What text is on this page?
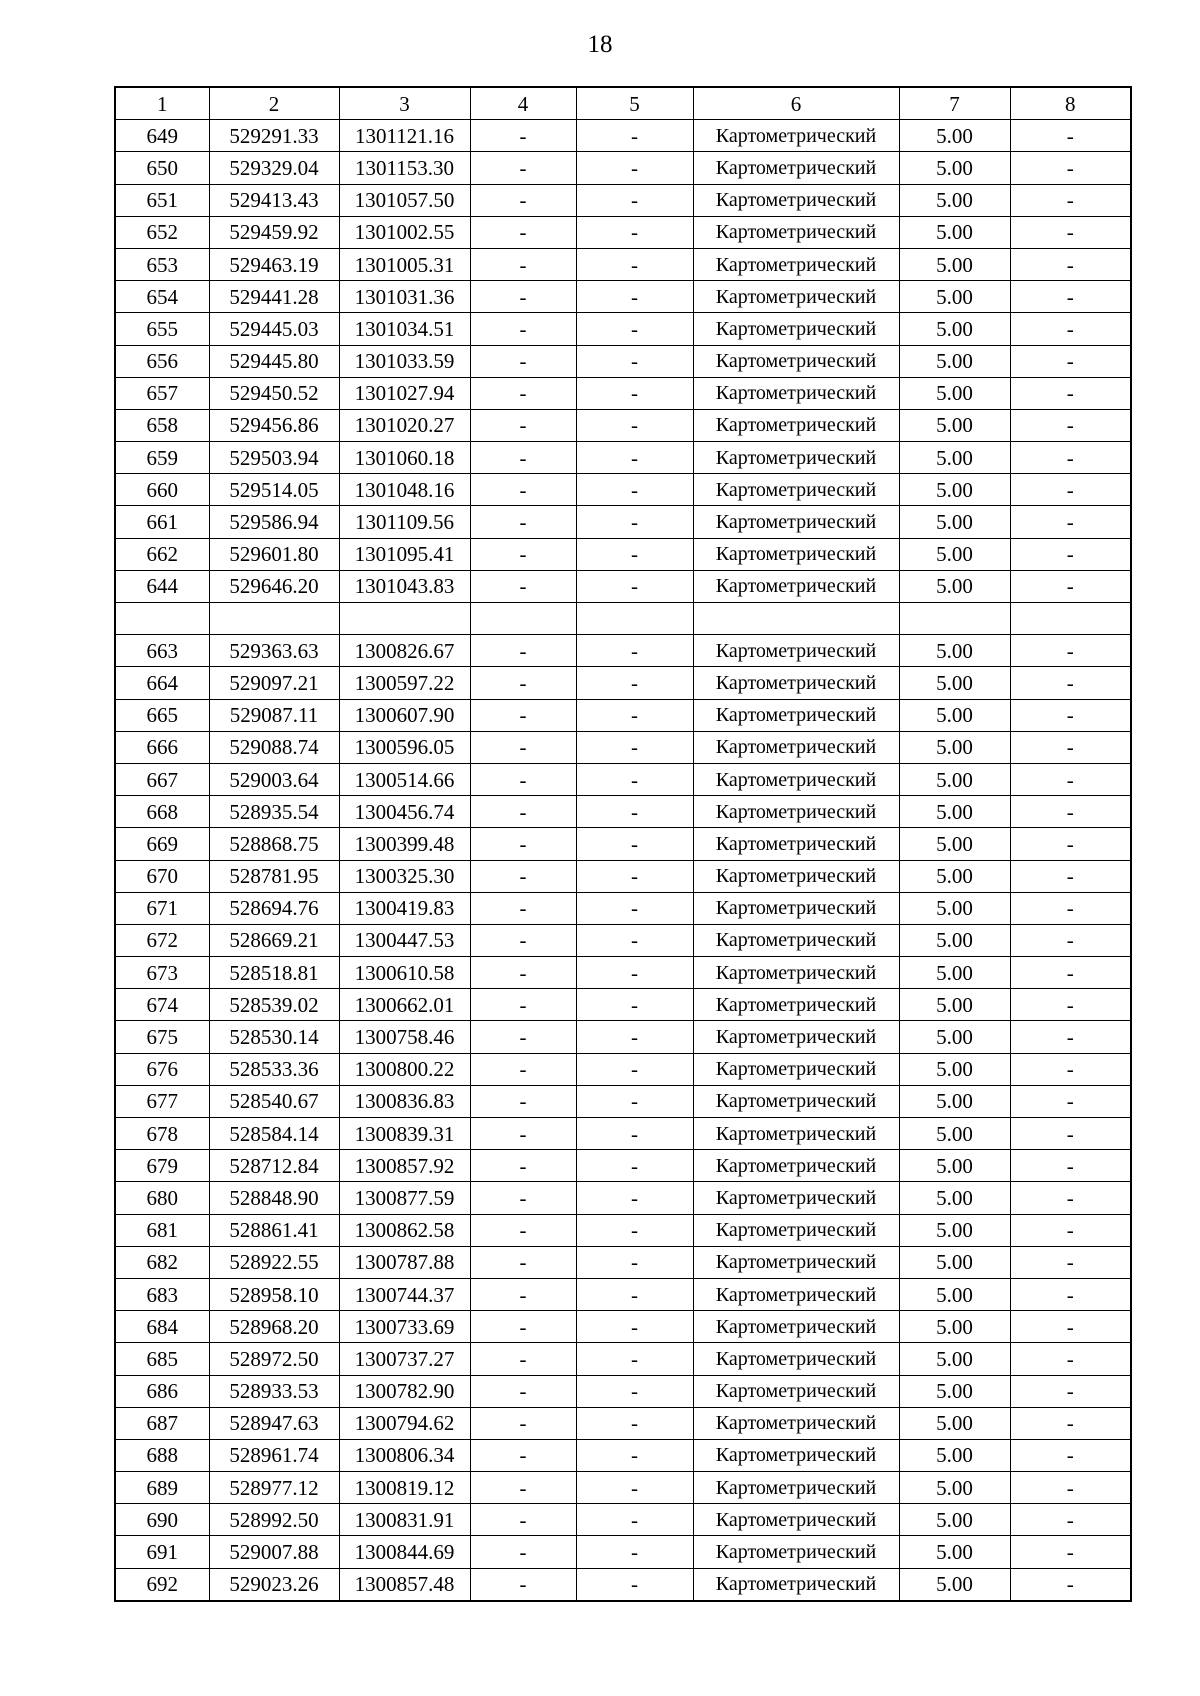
18
1	2	3	4	5	6	7	8
649	529291.33	1301121.16	-	-	Картометрический	5.00	-
650	529329.04	1301153.30	-	-	Картометрический	5.00	-
651	529413.43	1301057.50	-	-	Картометрический	5.00	-
652	529459.92	1301002.55	-	-	Картометрический	5.00	-
653	529463.19	1301005.31	-	-	Картометрический	5.00	-
654	529441.28	1301031.36	-	-	Картометрический	5.00	-
655	529445.03	1301034.51	-	-	Картометрический	5.00	-
656	529445.80	1301033.59	-	-	Картометрический	5.00	-
657	529450.52	1301027.94	-	-	Картометрический	5.00	-
658	529456.86	1301020.27	-	-	Картометрический	5.00	-
659	529503.94	1301060.18	-	-	Картометрический	5.00	-
660	529514.05	1301048.16	-	-	Картометрический	5.00	-
661	529586.94	1301109.56	-	-	Картометрический	5.00	-
662	529601.80	1301095.41	-	-	Картометрический	5.00	-
644	529646.20	1301043.83	-	-	Картометрический	5.00	-

663	529363.63	1300826.67	-	-	Картометрический	5.00	-
664	529097.21	1300597.22	-	-	Картометрический	5.00	-
665	529087.11	1300607.90	-	-	Картометрический	5.00	-
666	529088.74	1300596.05	-	-	Картометрический	5.00	-
667	529003.64	1300514.66	-	-	Картометрический	5.00	-
668	528935.54	1300456.74	-	-	Картометрический	5.00	-
669	528868.75	1300399.48	-	-	Картометрический	5.00	-
670	528781.95	1300325.30	-	-	Картометрический	5.00	-
671	528694.76	1300419.83	-	-	Картометрический	5.00	-
672	528669.21	1300447.53	-	-	Картометрический	5.00	-
673	528518.81	1300610.58	-	-	Картометрический	5.00	-
674	528539.02	1300662.01	-	-	Картометрический	5.00	-
675	528530.14	1300758.46	-	-	Картометрический	5.00	-
676	528533.36	1300800.22	-	-	Картометрический	5.00	-
677	528540.67	1300836.83	-	-	Картометрический	5.00	-
678	528584.14	1300839.31	-	-	Картометрический	5.00	-
679	528712.84	1300857.92	-	-	Картометрический	5.00	-
680	528848.90	1300877.59	-	-	Картометрический	5.00	-
681	528861.41	1300862.58	-	-	Картометрический	5.00	-
682	528922.55	1300787.88	-	-	Картометрический	5.00	-
683	528958.10	1300744.37	-	-	Картометрический	5.00	-
684	528968.20	1300733.69	-	-	Картометрический	5.00	-
685	528972.50	1300737.27	-	-	Картометрический	5.00	-
686	528933.53	1300782.90	-	-	Картометрический	5.00	-
687	528947.63	1300794.62	-	-	Картометрический	5.00	-
688	528961.74	1300806.34	-	-	Картометрический	5.00	-
689	528977.12	1300819.12	-	-	Картометрический	5.00	-
690	528992.50	1300831.91	-	-	Картометрический	5.00	-
691	529007.88	1300844.69	-	-	Картометрический	5.00	-
692	529023.26	1300857.48	-	-	Картометрический	5.00	-
